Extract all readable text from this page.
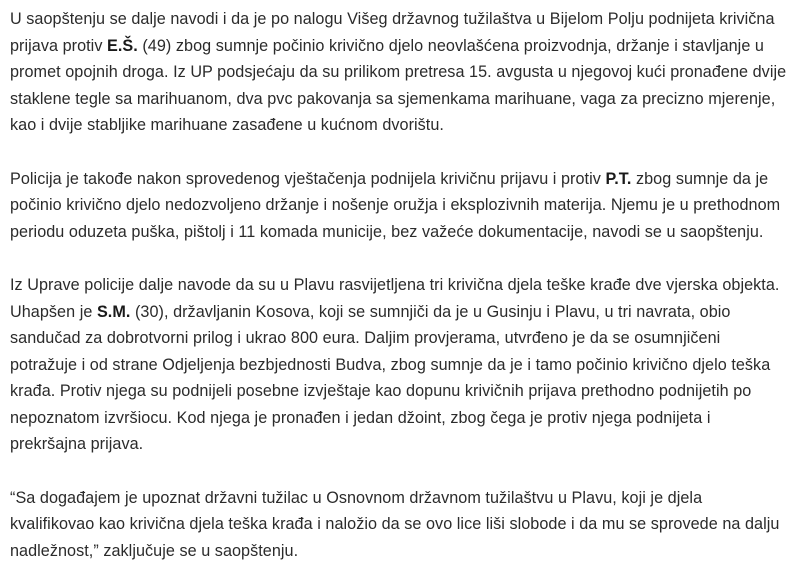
U saopštenju se dalje navodi i da je po nalogu Višeg državnog tužilaštva u Bijelom Polju podnijeta krivična prijava protiv E.Š. (49) zbog sumnje počinio krivično djelo neovlašćena proizvodnja, držanje i stavljanje u promet opojnih droga. Iz UP podsjećaju da su prilikom pretresa 15. avgusta u njegovoj kući pronađene dvije staklene tegle sa marihuanom, dva pvc pakovanja sa sjemenkama marihuane, vaga za precizno mjerenje, kao i dvije stabljike marihuane zasađene u kućnom dvorištu.

Policija je takođe nakon sprovedenog vještačenja podnijela krivičnu prijavu i protiv P.T. zbog sumnje da je počinio krivično djelo nedozvoljeno držanje i nošenje oružja i eksplozivnih materija. Njemu je u prethodnom periodu oduzeta puška, pištolj i 11 komada municije, bez važeće dokumentacije, navodi se u saopštenju.

Iz Uprave policije dalje navode da su u Plavu rasvijetljena tri krivična djela teške krađe dve vjerska objekta. Uhapšen je S.M. (30), državljanin Kosova, koji se sumnjiči da je u Gusinju i Plavu, u tri navrata, obio sandučad za dobrotvorni prilog i ukrao 800 eura. Daljim provjerama, utvrđeno je da se osumnjičeni potražuje i od strane Odjeljenja bezbjednosti Budva, zbog sumnje da je i tamo počinio krivično djelo teška krađa. Protiv njega su podnijeli posebne izvještaje kao dopunu krivičnih prijava prethodno podnijetih po nepoznatom izvršiocu. Kod njega je pronađen i jedan džoint, zbog čega je protiv njega podnijeta i prekršajna prijava.

“Sa događajem je upoznat državni tužilac u Osnovnom državnom tužilaštvu u Plavu, koji je djela kvalifikovao kao krivična djela teška krađa i naložio da se ovo lice liši slobode i da mu se sprovede na dalju nadležnost,” zaključuje se u saopštenju.
